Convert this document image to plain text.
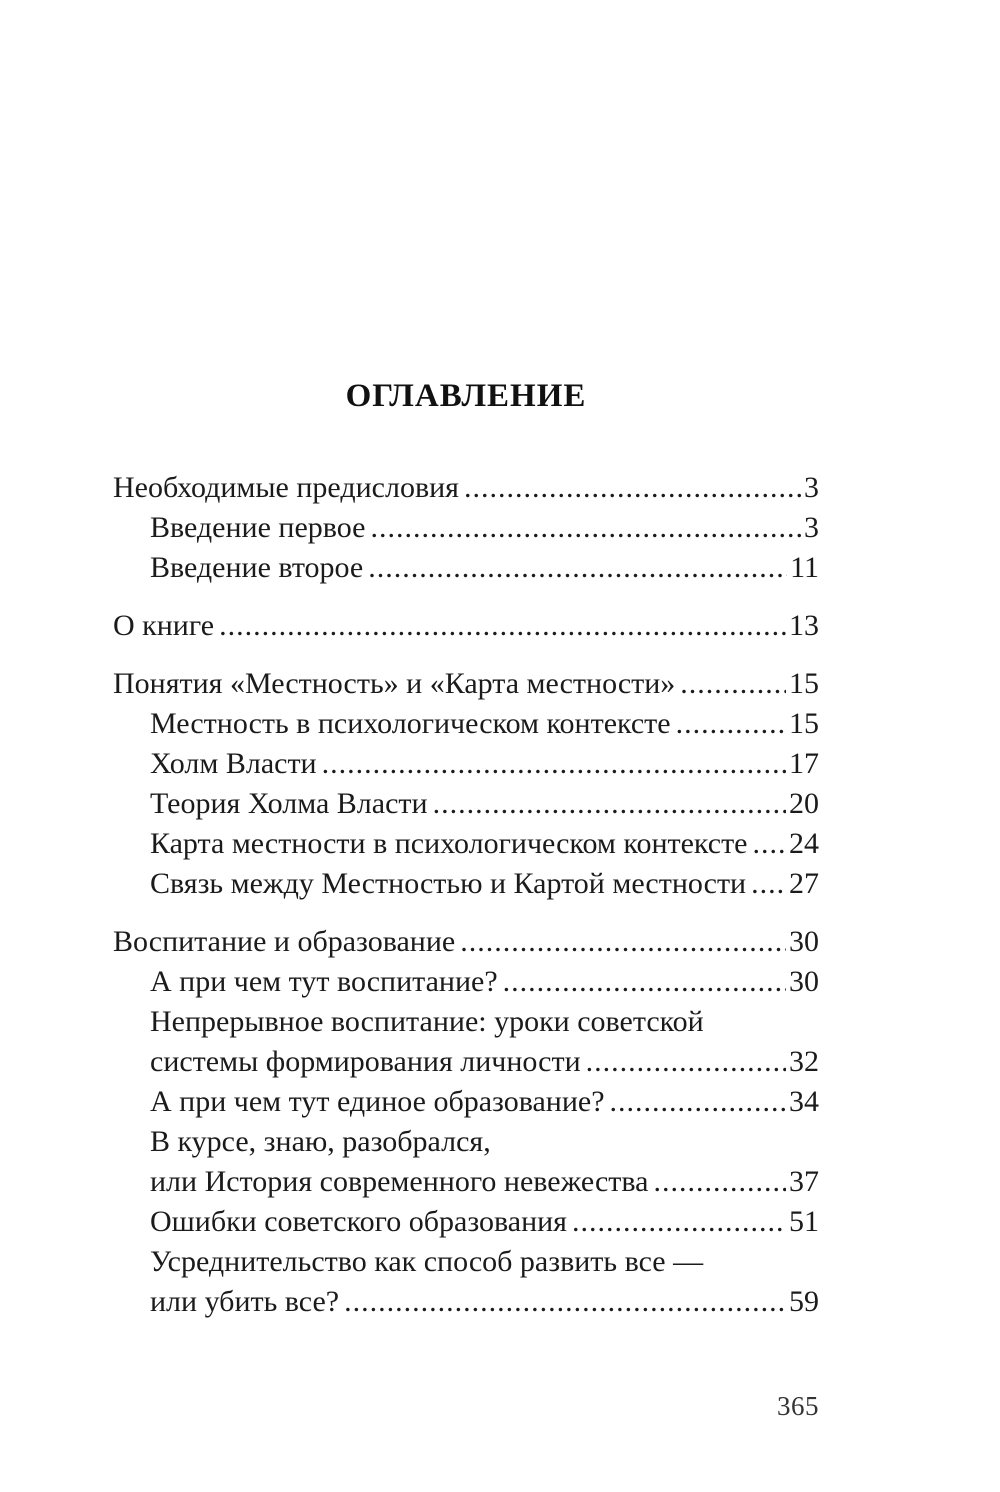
ОГЛАВЛЕНИЕ
Необходимые предисловия .....	3
Введение первое .....	3
Введение второе .....	11
О книге .....	13
Понятия «Местность» и «Карта местности» .....	15
Местность в психологическом контексте .....	15
Холм Власти .....	17
Теория Холма Власти .....	20
Карта местности в психологическом контексте ..... 24
Связь между Местностью и Картой местности ..... 27
Воспитание и образование .....	30
А при чем тут воспитание? .....	30
Непрерывное воспитание: уроки советской
системы формирования личности .....	32
А при чем тут единое образование? .....	34
В курсе, знаю, разобрался,
или История современного невежества .....	37
Ошибки советского образования .....	51
Усреднительство как способ развить все —
или убить все? .....	59
365
